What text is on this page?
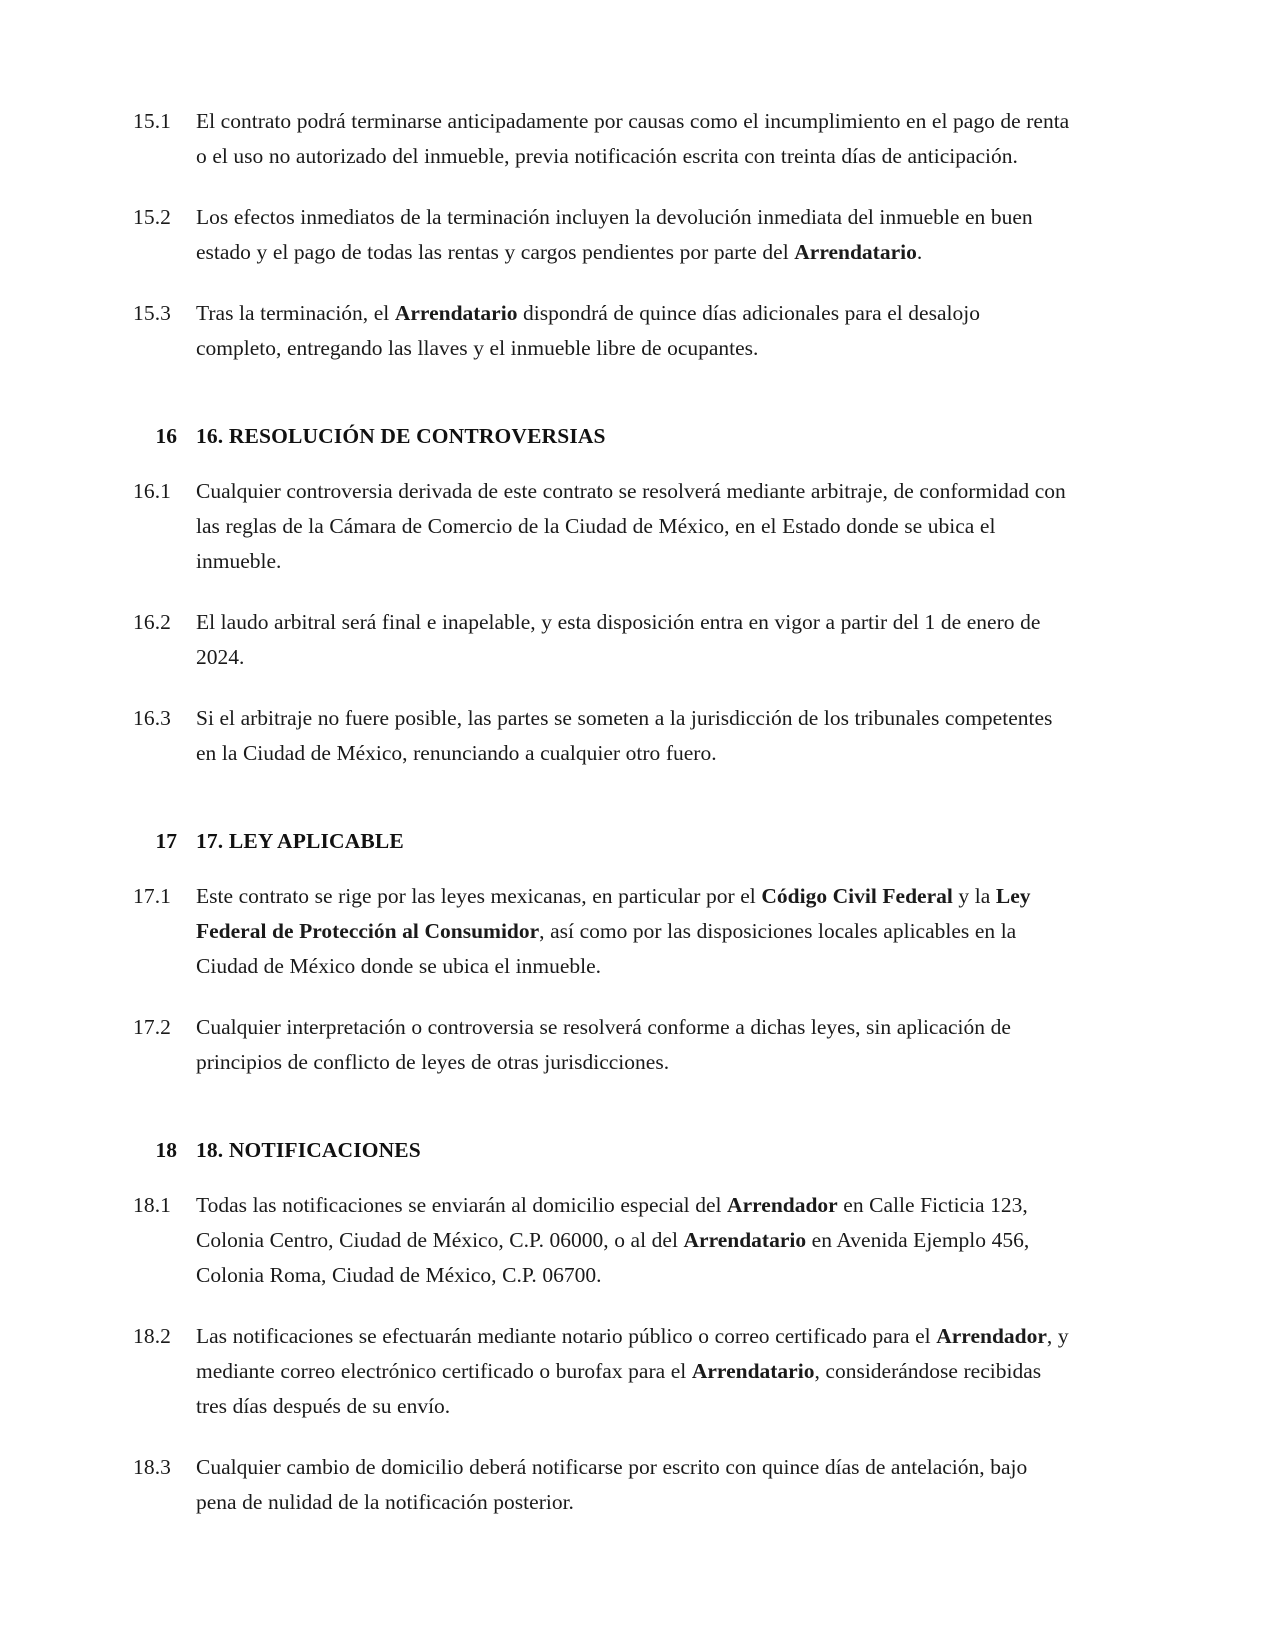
15.1	El contrato podrá terminarse anticipadamente por causas como el incumplimiento en el pago de renta o el uso no autorizado del inmueble, previa notificación escrita con treinta días de anticipación.
15.2	Los efectos inmediatos de la terminación incluyen la devolución inmediata del inmueble en buen estado y el pago de todas las rentas y cargos pendientes por parte del Arrendatario.
15.3	Tras la terminación, el Arrendatario dispondrá de quince días adicionales para el desalojo completo, entregando las llaves y el inmueble libre de ocupantes.
16 16. RESOLUCIÓN DE CONTROVERSIAS
16.1	Cualquier controversia derivada de este contrato se resolverá mediante arbitraje, de conformidad con las reglas de la Cámara de Comercio de la Ciudad de México, en el Estado donde se ubica el inmueble.
16.2	El laudo arbitral será final e inapelable, y esta disposición entra en vigor a partir del 1 de enero de 2024.
16.3	Si el arbitraje no fuere posible, las partes se someten a la jurisdicción de los tribunales competentes en la Ciudad de México, renunciando a cualquier otro fuero.
17 17. LEY APLICABLE
17.1	Este contrato se rige por las leyes mexicanas, en particular por el Código Civil Federal y la Ley Federal de Protección al Consumidor, así como por las disposiciones locales aplicables en la Ciudad de México donde se ubica el inmueble.
17.2	Cualquier interpretación o controversia se resolverá conforme a dichas leyes, sin aplicación de principios de conflicto de leyes de otras jurisdicciones.
18 18. NOTIFICACIONES
18.1	Todas las notificaciones se enviarán al domicilio especial del Arrendador en Calle Ficticia 123, Colonia Centro, Ciudad de México, C.P. 06000, o al del Arrendatario en Avenida Ejemplo 456, Colonia Roma, Ciudad de México, C.P. 06700.
18.2	Las notificaciones se efectuarán mediante notario público o correo certificado para el Arrendador, y mediante correo electrónico certificado o burofax para el Arrendatario, considerándose recibidas tres días después de su envío.
18.3	Cualquier cambio de domicilio deberá notificarse por escrito con quince días de antelación, bajo pena de nulidad de la notificación posterior.
